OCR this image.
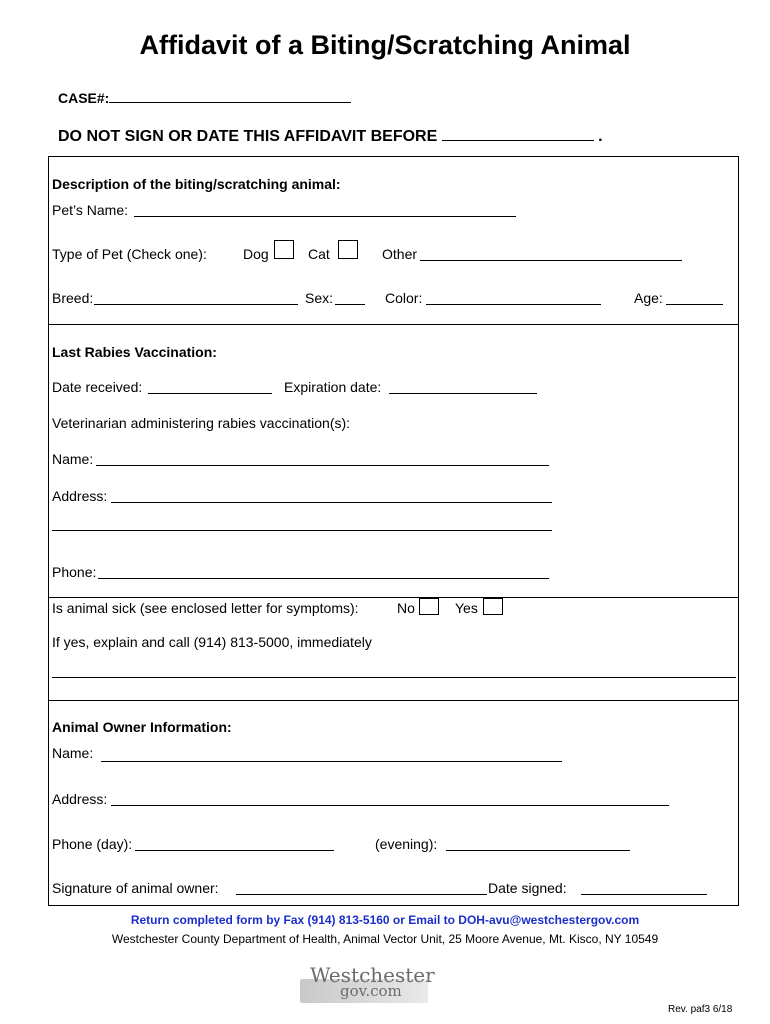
Affidavit of a Biting/Scratching Animal
CASE#:
DO NOT SIGN OR DATE THIS AFFIDAVIT BEFORE	.
Description of the biting/scratching animal:
Pet’s Name:
Type of Pet (Check one):	Dog	Cat	Other
Breed:	Sex:	Color:	Age:
Last Rabies Vaccination:
Date received:	Expiration date:
Veterinarian administering rabies vaccination(s):
Name:
Address:
Phone:
Is animal sick (see enclosed letter for symptoms):	No	Yes
If yes, explain and call (914) 813-5000, immediately
Animal Owner Information:
Name:
Address:
Phone (day):	(evening):
Signature of animal owner:	Date signed:
Return completed form by Fax (914) 813-5160 or Email to DOH-avu@westchestergov.com
Westchester County Department of Health, Animal Vector Unit, 25 Moore Avenue, Mt. Kisco, NY 10549
Westchester
gov.com
Rev. paf3 6/18
